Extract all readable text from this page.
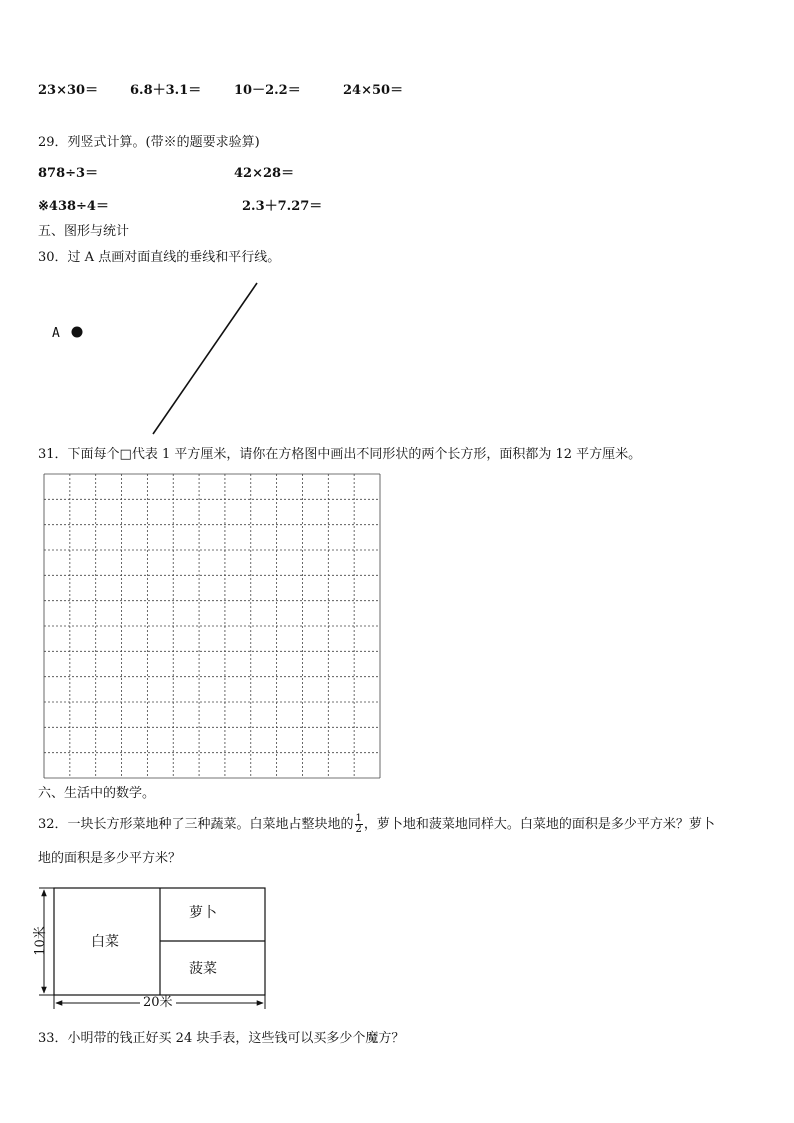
23×30＝ 6.8＋3.1＝	10－2.2＝	24×50＝
29．列竖式计算。(带※的题要求验算)
878÷3＝	42×28＝
※438÷4＝	2.3＋7.27＝
五、图形与统计
30．过 A 点画对面直线的垂线和平行线。
A
31．下面每个□代表 1 平方厘米，请你在方格图中画出不同形状的两个长方形，面积都为 12 平方厘米。
六、生活中的数学。
32．一块长方形菜地种了三种蔬菜。白菜地占整块地的 $\frac{1}{2}$ ，萝卜地和菠菜地同样大。白菜地的面积是多少平方米？萝卜
地的面积是多少平方米？
白菜
萝卜
菠菜
10米
20米
33．小明带的钱正好买 24 块手表，这些钱可以买多少个魔方？
